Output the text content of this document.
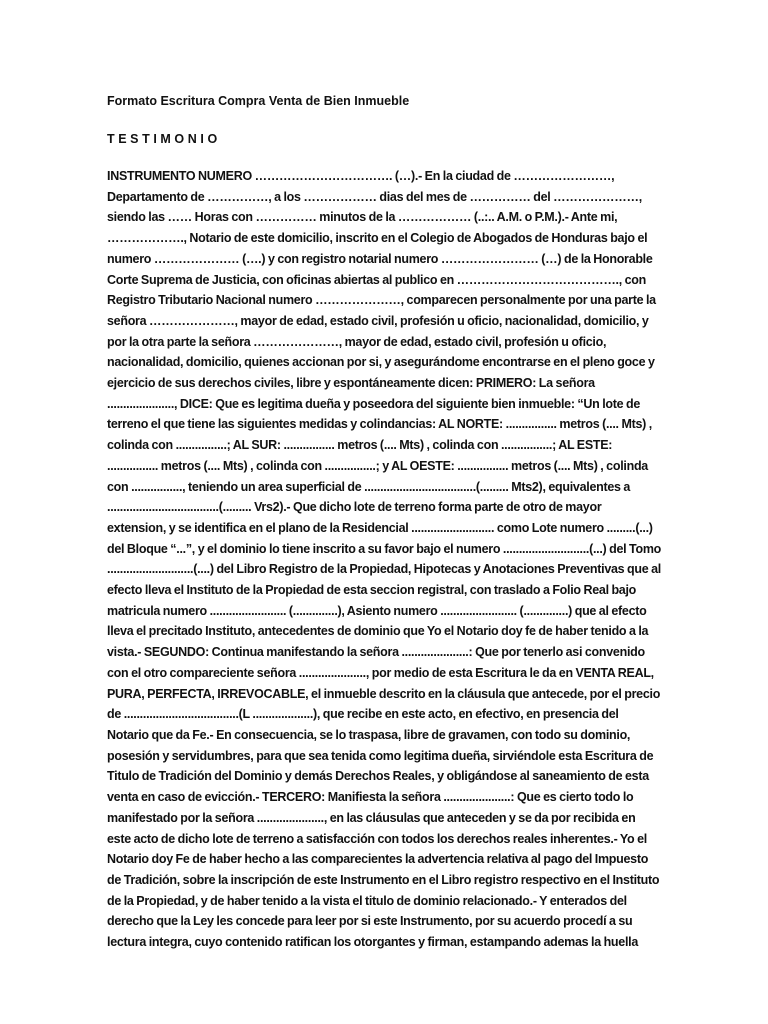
Formato Escritura Compra Venta de Bien Inmueble

TESTIMONIO

INSTRUMENTO NUMERO ……………………………. (…).- En la ciudad de ……………………, Departamento de ……………, a los ……………… dias del mes de …………… del …………………, siendo las …… Horas con …………… minutos de la ……………… (..:.. A.M. o P.M.).- Ante mi, ………………., Notario de este domicilio, inscrito en el Colegio de Abogados de Honduras bajo el numero ………………… (….) y con registro notarial numero …………………… (…) de la Honorable Corte Suprema de Justicia, con oficinas abiertas al publico en …………………………………., con Registro Tributario Nacional numero …………………, comparecen personalmente por una parte la señora …………………, mayor de edad, estado civil, profesión u oficio, nacionalidad, domicilio, y por la otra parte la señora …………………, mayor de edad, estado civil, profesión u oficio, nacionalidad, domicilio, quienes accionan por si, y asegurándome encontrarse en el pleno goce y ejercicio de sus derechos civiles, libre y espontáneamente dicen: PRIMERO: La señora ....................., DICE: Que es legitima dueña y poseedora del siguiente bien inmueble: “Un lote de terreno el que tiene las siguientes medidas y colindancias: AL NORTE: ................ metros (.... Mts) , colinda con ................; AL SUR: ................ metros (.... Mts) , colinda con ................; AL ESTE: ................ metros (.... Mts) , colinda con ................; y AL OESTE: ................ metros (.... Mts) , colinda con ................, teniendo un area superficial de ...................................(......... Mts2), equivalentes a ...................................(......... Vrs2).- Que dicho lote de terreno forma parte de otro de mayor extension, y se identifica en el plano de la Residencial .......................... como Lote numero .........(...) del Bloque “...”, y el dominio lo tiene inscrito a su favor bajo el numero ...........................(...) del Tomo ...........................(....) del Libro Registro de la Propiedad, Hipotecas y Anotaciones Preventivas que al efecto lleva el Instituto de la Propiedad de esta seccion registral, con traslado a Folio Real bajo matricula numero ........................ (..............), Asiento numero ........................ (..............) que al efecto lleva el precitado Instituto, antecedentes de dominio que Yo el Notario doy fe de haber tenido a la vista.- SEGUNDO: Continua manifestando la señora .....................: Que por tenerlo asi convenido con el otro compareciente señora ....................., por medio de esta Escritura le da en VENTA REAL, PURA, PERFECTA, IRREVOCABLE, el inmueble descrito en la cláusula que antecede, por el precio de ....................................(L ...................), que recibe en este acto, en efectivo, en presencia del Notario que da Fe.- En consecuencia, se lo traspasa, libre de gravamen, con todo su dominio, posesión y servidumbres, para que sea tenida como legitima dueña, sirviéndole esta Escritura de Titulo de Tradición del Dominio y demás Derechos Reales, y obligándose al saneamiento de esta venta en caso de evicción.- TERCERO: Manifiesta la señora .....................: Que es cierto todo lo manifestado por la señora ....................., en las cláusulas que anteceden y se da por recibida en este acto de dicho lote de terreno a satisfacción con todos los derechos reales inherentes.- Yo el Notario doy Fe de haber hecho a las comparecientes la advertencia relativa al pago del Impuesto de Tradición, sobre la inscripción de este Instrumento en el Libro registro respectivo en el Instituto de la Propiedad, y de haber tenido a la vista el titulo de dominio relacionado.- Y enterados del derecho que la Ley les concede para leer por si este Instrumento, por su acuerdo procedí a su lectura integra, cuyo contenido ratifican los otorgantes y firman, estampando ademas la huella
